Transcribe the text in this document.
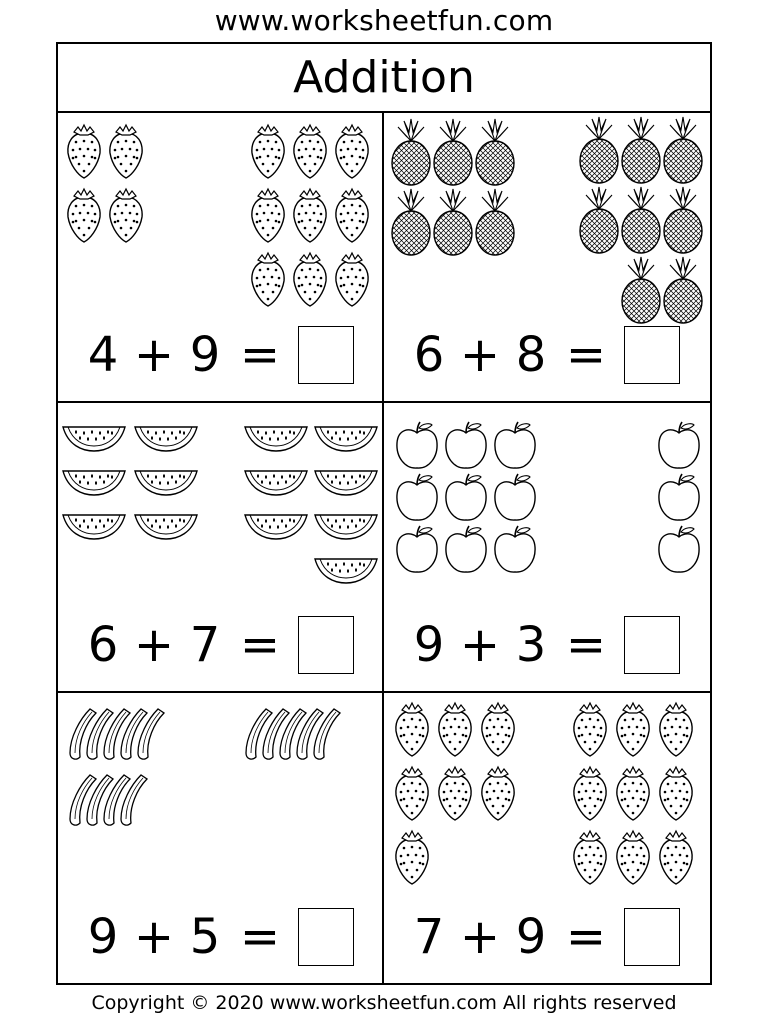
www.worksheetfun.com
Addition
4 + 9 =	6 + 8 =
6 + 7 =	9 + 3 =
9 + 5 =	7 + 9 =
Copyright © 2020 www.worksheetfun.com All rights reserved
